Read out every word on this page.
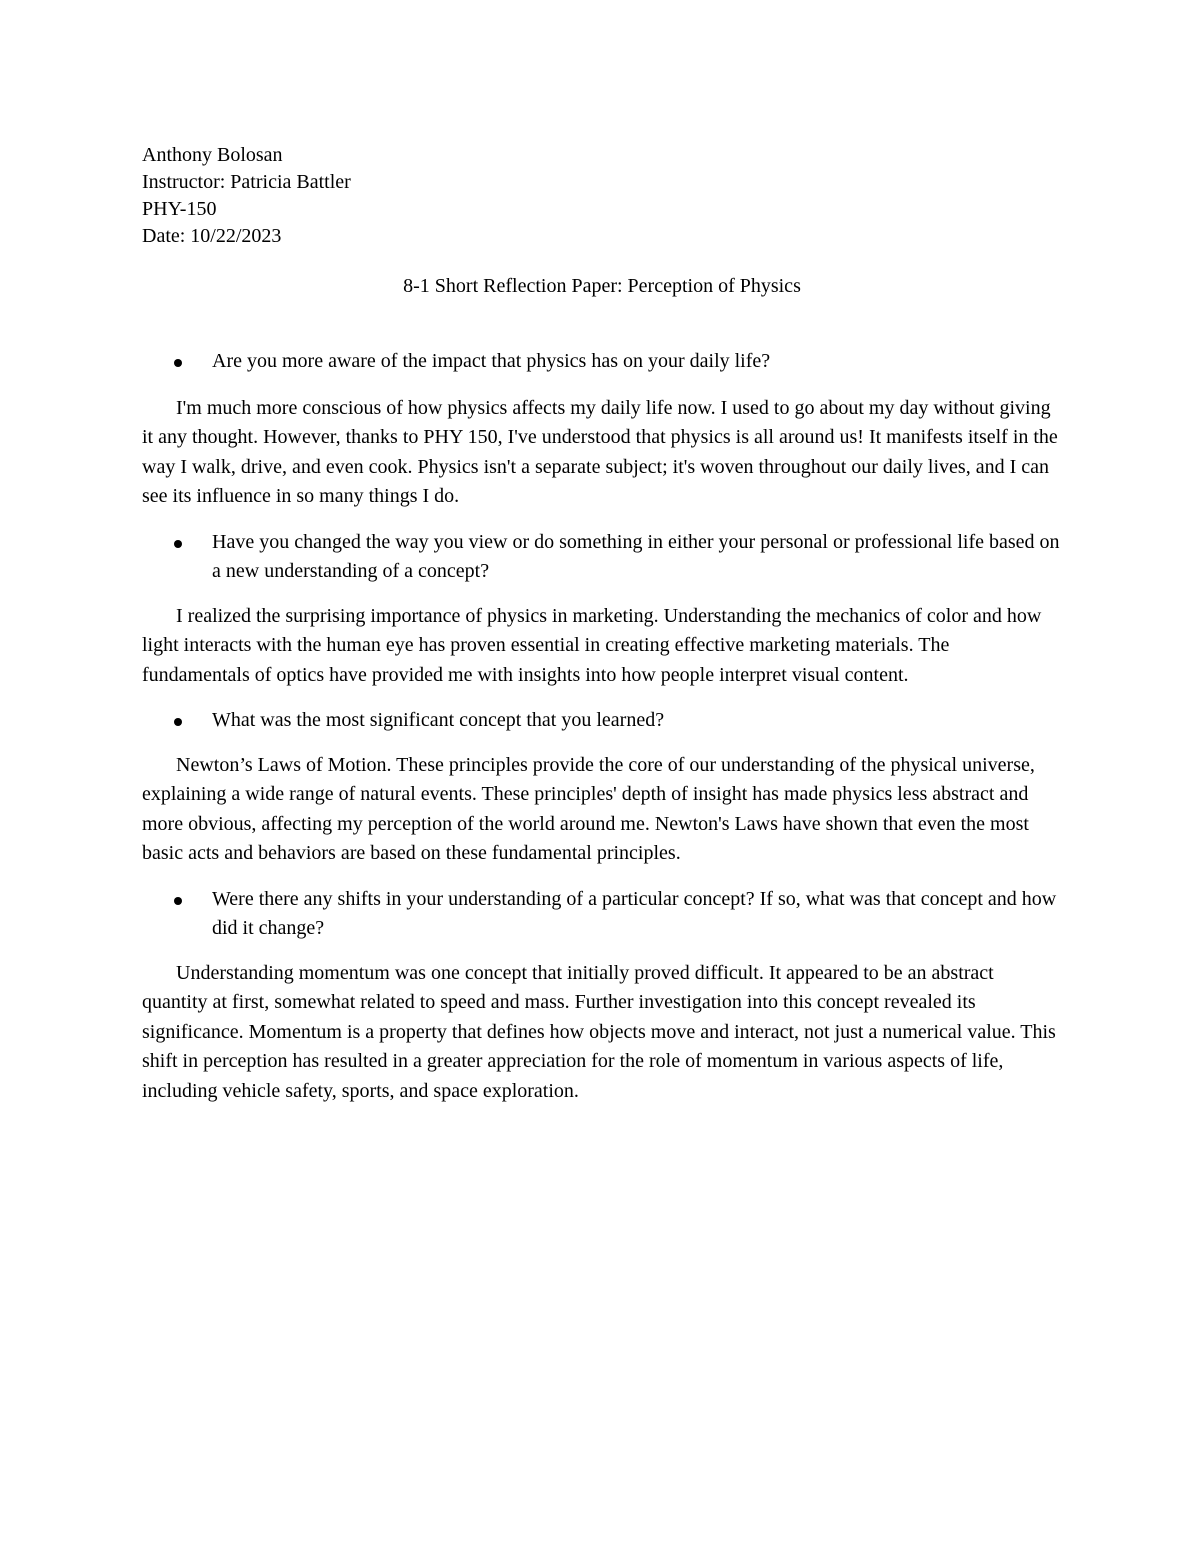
Anthony Bolosan
Instructor: Patricia Battler
PHY-150
Date: 10/22/2023
8-1 Short Reflection Paper: Perception of Physics
Are you more aware of the impact that physics has on your daily life?

I'm much more conscious of how physics affects my daily life now. I used to go about my day without giving it any thought. However, thanks to PHY 150, I've understood that physics is all around us! It manifests itself in the way I walk, drive, and even cook. Physics isn't a separate subject; it's woven throughout our daily lives, and I can see its influence in so many things I do.

Have you changed the way you view or do something in either your personal or professional life based on a new understanding of a concept?

I realized the surprising importance of physics in marketing. Understanding the mechanics of color and how light interacts with the human eye has proven essential in creating effective marketing materials. The fundamentals of optics have provided me with insights into how people interpret visual content.

What was the most significant concept that you learned?

Newton’s Laws of Motion. These principles provide the core of our understanding of the physical universe, explaining a wide range of natural events. These principles' depth of insight has made physics less abstract and more obvious, affecting my perception of the world around me. Newton's Laws have shown that even the most basic acts and behaviors are based on these fundamental principles.

Were there any shifts in your understanding of a particular concept? If so, what was that concept and how did it change?

Understanding momentum was one concept that initially proved difficult. It appeared to be an abstract quantity at first, somewhat related to speed and mass. Further investigation into this concept revealed its significance. Momentum is a property that defines how objects move and interact, not just a numerical value. This shift in perception has resulted in a greater appreciation for the role of momentum in various aspects of life, including vehicle safety, sports, and space exploration.
